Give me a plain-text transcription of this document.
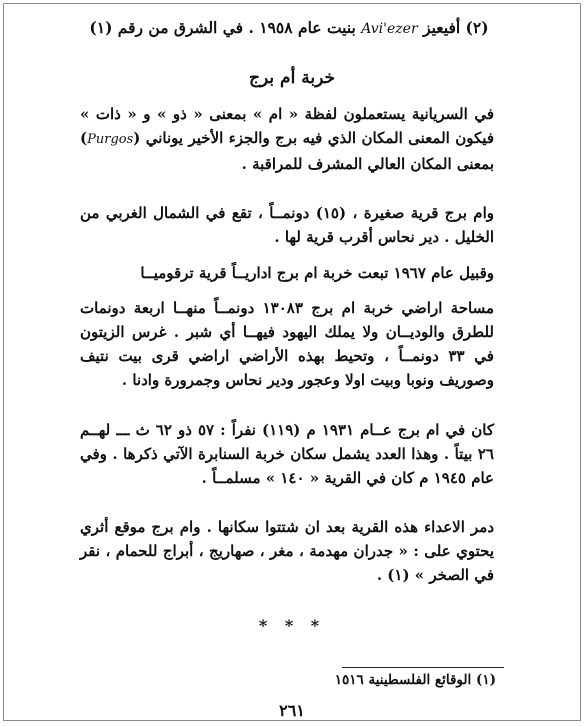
(٢) أفيعيز Avi'ezer بنيت عام ١٩٥٨ . في الشرق من رقم (١)
خربة أم برج
في السريانية يستعملون لفظة « ام » بمعنى « ذو » و « ذات » فيكون المعنى المكان الذي فيه برج والجزء الأخير يوناني (Purgos) بمعنى المكان العالي المشرف للمراقبة .
وام برج قرية صغيرة ، (١٥) دونمــاً ، تقع في الشمال الغربي من الخليل . دير نحاس أقرب قرية لها .
وقبيل عام ١٩٦٧ تبعت خربة ام برج اداريــاً قرية ترقوميــا
مساحة اراضي خربة ام برج ١٣٠٨٣ دونمــاً منهــا اربعة دونمات للطرق والوديــان ولا يملك اليهود فيهــا أي شبر . غرس الزيتون في ٣٣ دونمــاً ، وتحيط بهذه الأراضي اراضي قرى بيت نتيف وصوريف ونوبا وبيت اولا وعجور ودير نحاس وجمرورة وادنا .
كان في ام برج عــام ١٩٣١ م (١١٩) نفراً : ٥٧ ذو ٦٢ ث ـــ لهــم ٢٦ بيتاً . وهذا العدد يشمل سكان خربة السنابرة الآتي ذكرها . وفي عام ١٩٤٥ م كان في القرية « ١٤٠ » مسلمــاً .
دمر الاعداء هذه القرية بعد ان شتتوا سكانها . وام برج موقع أثري يحتوي على : « جدران مهدمة ، مغر ، صهاريج ، أبراج للحمام ، نقر في الصخر » (١) .
* * *
(١) الوقائع الفلسطينية ١٥١٦
٢٦١
